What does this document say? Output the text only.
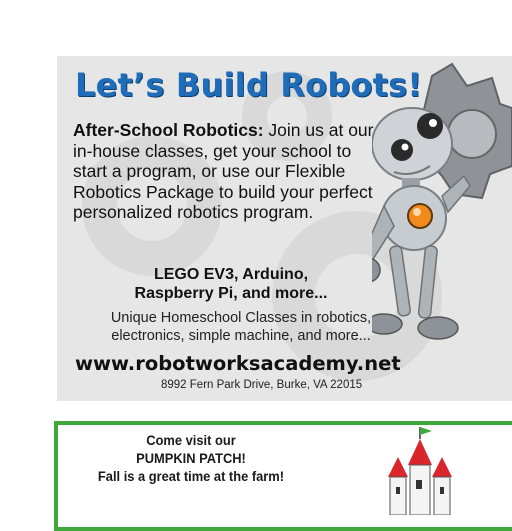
Let’s Build Robots!

After-School Robotics: Join us at our in-house classes, get your school to start a program, or use our Flexible Robotics Package to build your perfect personalized robotics program.

LEGO EV3, Arduino,
Raspberry Pi, and more...

Unique Homeschool Classes in robotics,
electronics, simple machine, and more...

www.robotworksacademy.net

8992 Fern Park Drive, Burke, VA 22015

Come visit our
PUMPKIN PATCH!
Fall is a great time at the farm!
